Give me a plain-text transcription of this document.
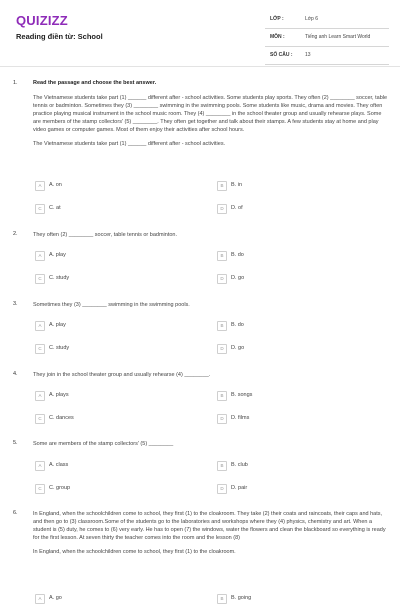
QUIZIZZ
Reading điền từ: School
LỚP :	Lớp 6
MÔN :	Tiếng anh Learn Smart World
SỐ CÂU :	13
1.	Read the passage and choose the best answer.

The Vietnamese students take part (1) ______ different after - school activities. Some students play sports. They often (2) ________ soccer, table tennis or badminton. Sometimes they (3) ________ swimming in the swimming pools. Some students like music, drama and movies. They often practice playing musical instrument in the school music room. They (4) ________ in the school theater group and usually rehearse plays. Some are members of the stamp collectors' (5) ________. They often get together and talk about their stamps. A few students stay at home and play video games or computer games. Most of them enjoy their activities after school hours.

The Vietnamese students take part (1) ______ different after - school activities.

A	A. on	B	B. in
C	C. at	D	D. of
2.	They often (2) ________ soccer, table tennis or badminton.

A	A. play	B	B. do
C	C. study	D	D. go
3.	Sometimes they (3) ________ swimming in the swimming pools.

A	A. play	B	B. do
C	C. study	D	D. go
4.	They join in the school theater group and usually rehearse (4) ________.

A	A. plays	B	B. songs
C	C. dances	D	D. films
5.	Some are members of the stamp collectors' (5) ________

A	A. class	B	B. club
C	C. group	D	D. pair
6.	In England, when the schoolchildren come to school, they first (1) to the cloakroom. They take (2) their coats and raincoats, their caps and hats, and then go to (3) classroom.Some of the students go to the laboratories and workshops where they (4) physics, chemistry and art. When a student is (5) duty, he comes to (6) very early. He has to open (7) the windows, water the flowers and clean the blackboard so everything is ready for the first lesson. At seven thirty the teacher comes into the room and the lesson (8)

In England, when the schoolchildren come to school, they first (1) to the cloakroom.

A	A. go	B	B. going
